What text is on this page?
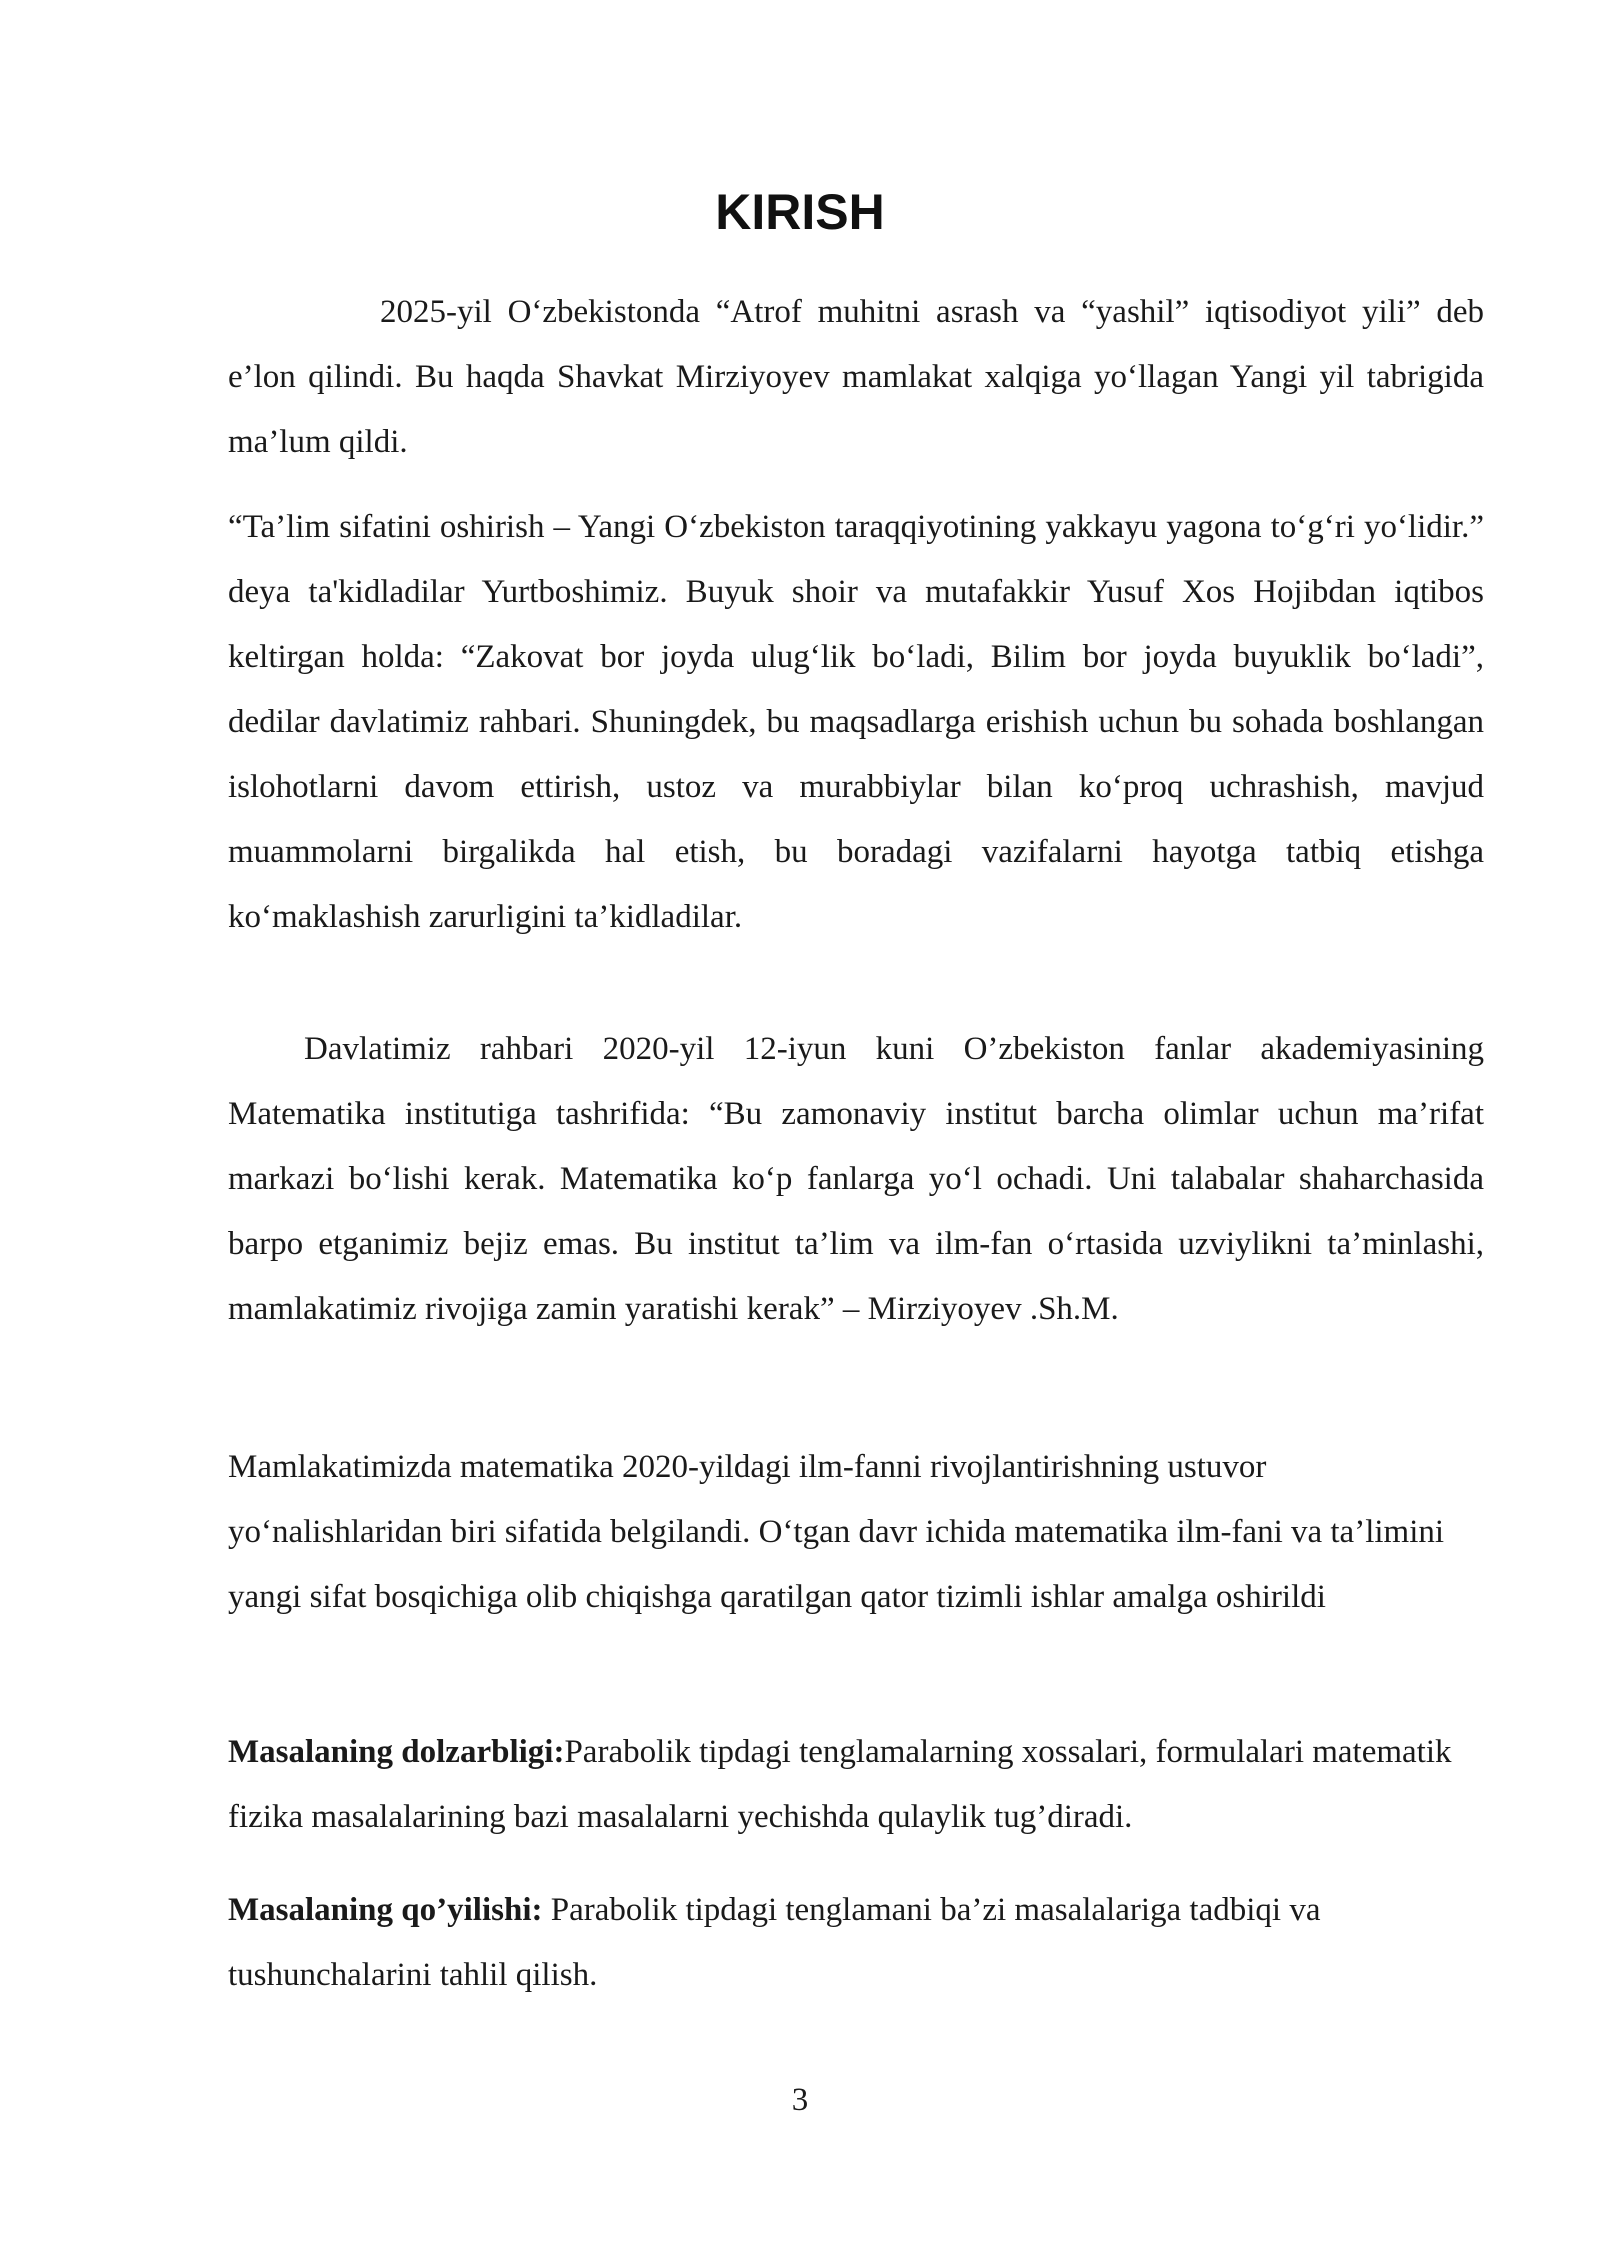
KIRISH

2025-yil O‘zbekistonda “Atrof muhitni asrash va “yashil” iqtisodiyot yili” deb e’lon qilindi. Bu haqda Shavkat Mirziyoyev mamlakat xalqiga yo‘llagan Yangi yil tabrigida ma’lum qildi.

“Ta’lim sifatini oshirish – Yangi O‘zbekiston taraqqiyotining yakkayu yagona to‘g‘ri yo‘lidir.” deya ta'kidladilar Yurtboshimiz. Buyuk shoir va mutafakkir Yusuf Xos Hojibdan iqtibos keltirgan holda: “Zakovat bor joyda ulug‘lik bo‘ladi, Bilim bor joyda buyuklik bo‘ladi”, dedilar davlatimiz rahbari. Shuningdek, bu maqsadlarga erishish uchun bu sohada boshlangan islohotlarni davom ettirish, ustoz va murabbiylar bilan ko‘proq uchrashish, mavjud muammolarni birgalikda hal etish, bu boradagi vazifalarni hayotga tatbiq etishga ko‘maklashish zarurligini ta’kidladilar.

Davlatimiz rahbari 2020-yil 12-iyun kuni O’zbekiston fanlar akademiyasining Matematika institutiga tashrifida: “Bu zamonaviy institut barcha olimlar uchun ma’rifat markazi bo‘lishi kerak. Matematika ko‘p fanlarga yo‘l ochadi. Uni talabalar shaharchasida barpo etganimiz bejiz emas. Bu institut ta’lim va ilm-fan o‘rtasida uzviylikni ta’minlashi, mamlakatimiz rivojiga zamin yaratishi kerak” – Mirziyoyev .Sh.M.

Mamlakatimizda matematika 2020-yildagi ilm-fanni rivojlantirishning ustuvor yo‘nalishlaridan biri sifatida belgilandi. O‘tgan davr ichida matematika ilm-fani va ta’limini yangi sifat bosqichiga olib chiqishga qaratilgan qator tizimli ishlar amalga oshirildi

Masalaning dolzarbligi:Parabolik tipdagi tenglamalarning xossalari, formulalari matematik fizika masalalarining bazi masalalarni yechishda qulaylik tug’diradi.

Masalaning qo’yilishi: Parabolik tipdagi tenglamani ba’zi masalalariga tadbiqi va tushunchalarini tahlil qilish.

3
